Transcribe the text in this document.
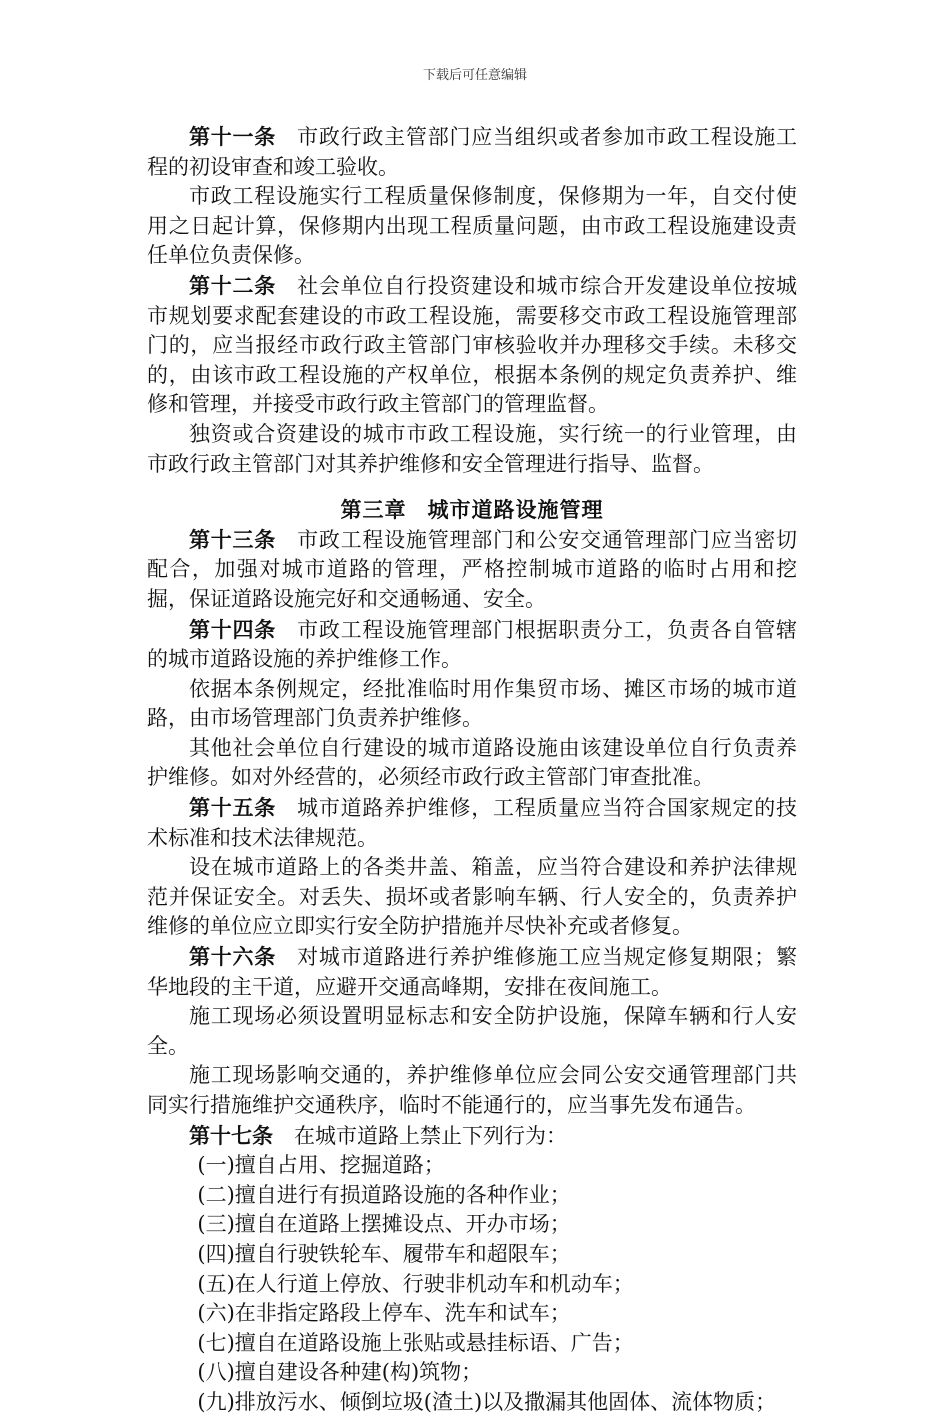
下载后可任意编辑

第十一条 市政行政主管部门应当组织或者参加市政工程设施工程的初设审查和竣工验收。

市政工程设施实行工程质量保修制度，保修期为一年，自交付使用之日起计算，保修期内出现工程质量问题，由市政工程设施建设责任单位负责保修。

第十二条 社会单位自行投资建设和城市综合开发建设单位按城市规划要求配套建设的市政工程设施，需要移交市政工程设施管理部门的，应当报经市政行政主管部门审核验收并办理移交手续。未移交的，由该市政工程设施的产权单位，根据本条例的规定负责养护、维修和管理，并接受市政行政主管部门的管理监督。

独资或合资建设的城市市政工程设施，实行统一的行业管理，由市政行政主管部门对其养护维修和安全管理进行指导、监督。

第三章 城市道路设施管理

第十三条 市政工程设施管理部门和公安交通管理部门应当密切配合，加强对城市道路的管理，严格控制城市道路的临时占用和挖掘，保证道路设施完好和交通畅通、安全。

第十四条 市政工程设施管理部门根据职责分工，负责各自管辖的城市道路设施的养护维修工作。

依据本条例规定，经批准临时用作集贸市场、摊区市场的城市道路，由市场管理部门负责养护维修。

其他社会单位自行建设的城市道路设施由该建设单位自行负责养护维修。如对外经营的，必须经市政行政主管部门审查批准。

第十五条 城市道路养护维修，工程质量应当符合国家规定的技术标准和技术法律规范。

设在城市道路上的各类井盖、箱盖，应当符合建设和养护法律规范并保证安全。对丢失、损坏或者影响车辆、行人安全的，负责养护维修的单位应立即实行安全防护措施并尽快补充或者修复。

第十六条 对城市道路进行养护维修施工应当规定修复期限；繁华地段的主干道，应避开交通高峰期，安排在夜间施工。

施工现场必须设置明显标志和安全防护设施，保障车辆和行人安全。

施工现场影响交通的，养护维修单位应会同公安交通管理部门共同实行措施维护交通秩序，临时不能通行的，应当事先发布通告。

第十七条 在城市道路上禁止下列行为：

(一)擅自占用、挖掘道路；

(二)擅自进行有损道路设施的各种作业；

(三)擅自在道路上摆摊设点、开办市场；

(四)擅自行驶铁轮车、履带车和超限车；

(五)在人行道上停放、行驶非机动车和机动车；

(六)在非指定路段上停车、洗车和试车；

(七)擅自在道路设施上张贴或悬挂标语、广告；

(八)擅自建设各种建(构)筑物；

(九)排放污水、倾倒垃圾(渣土)以及撒漏其他固体、流体物质；
